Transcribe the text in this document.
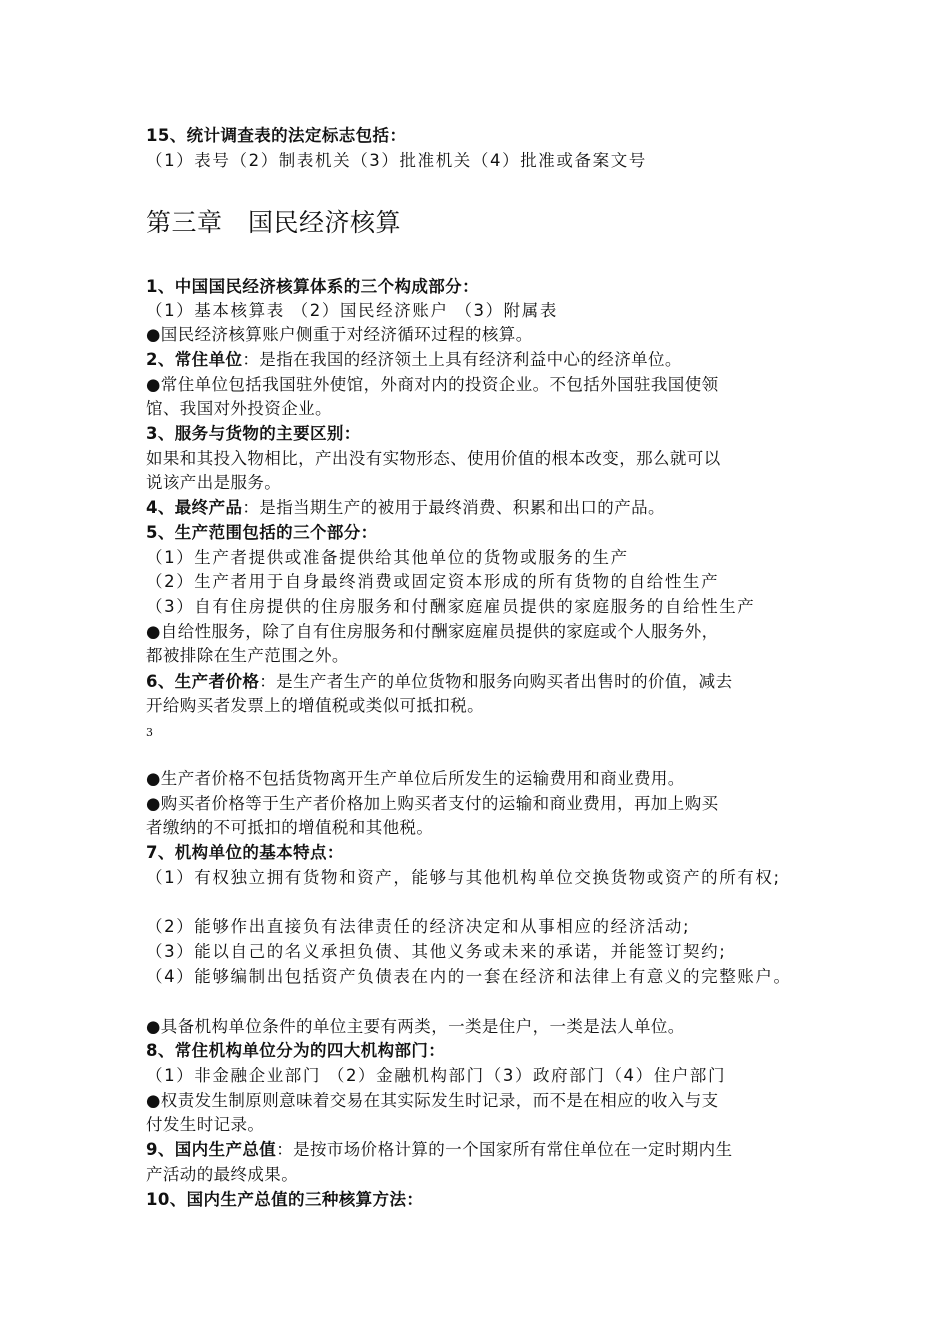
15、统计调查表的法定标志包括：
（1）表号（2）制表机关（3）批准机关（4）批准或备案文号
第三章　国民经济核算
1、中国国民经济核算体系的三个构成部分：
（1）基本核算表 （2）国民经济账户 （3）附属表
●国民经济核算账户侧重于对经济循环过程的核算。
2、常住单位：是指在我国的经济领土上具有经济利益中心的经济单位。
●常住单位包括我国驻外使馆，外商对内的投资企业。不包括外国驻我国使领
馆、我国对外投资企业。
3、服务与货物的主要区别：
如果和其投入物相比，产出没有实物形态、使用价值的根本改变，那么就可以
说该产出是服务。
4、最终产品：是指当期生产的被用于最终消费、积累和出口的产品。
5、生产范围包括的三个部分：
（1）生产者提供或准备提供给其他单位的货物或服务的生产
（2）生产者用于自身最终消费或固定资本形成的所有货物的自给性生产
（3）自有住房提供的住房服务和付酬家庭雇员提供的家庭服务的自给性生产
●自给性服务，除了自有住房服务和付酬家庭雇员提供的家庭或个人服务外，
都被排除在生产范围之外。
6、生产者价格：是生产者生产的单位货物和服务向购买者出售时的价值，减去
开给购买者发票上的增值税或类似可抵扣税。
3
●生产者价格不包括货物离开生产单位后所发生的运输费用和商业费用。
●购买者价格等于生产者价格加上购买者支付的运输和商业费用，再加上购买
者缴纳的不可抵扣的增值税和其他税。
7、机构单位的基本特点：
（1）有权独立拥有货物和资产，能够与其他机构单位交换货物或资产的所有权;
（2）能够作出直接负有法律责任的经济决定和从事相应的经济活动;
（3）能以自己的名义承担负债、其他义务或未来的承诺，并能签订契约;
（4）能够编制出包括资产负债表在内的一套在经济和法律上有意义的完整账户。
●具备机构单位条件的单位主要有两类，一类是住户，一类是法人单位。
8、常住机构单位分为的四大机构部门：
（1）非金融企业部门 （2）金融机构部门（3）政府部门（4）住户部门
●权责发生制原则意味着交易在其实际发生时记录，而不是在相应的收入与支
付发生时记录。
9、国内生产总值：是按市场价格计算的一个国家所有常住单位在一定时期内生
产活动的最终成果。
10、国内生产总值的三种核算方法：
